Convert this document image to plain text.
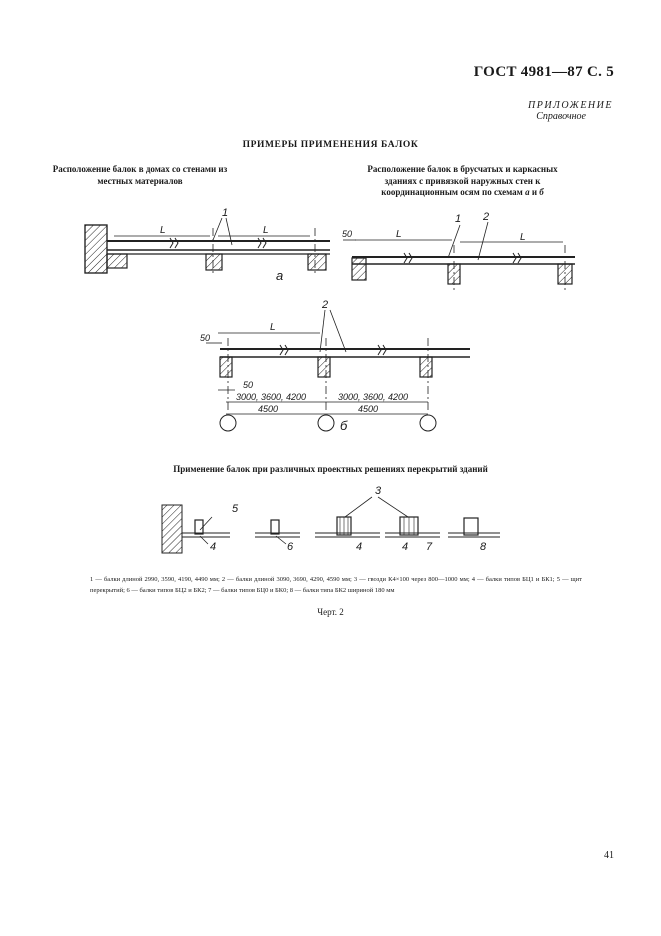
ГОСТ 4981—87 С. 5
ПРИЛОЖЕНИЕ
Справочное
ПРИМЕРЫ ПРИМЕНЕНИЯ БАЛОК
Расположение балок в домах со стенами из местных материалов
Расположение балок в брусчатых и каркасных
зданиях с привязкой наружных стен к
координационным осям по схемам а и б
L	L
1
а
50	L	L
1 2
50
L
2
50
3000, 3600, 4200	3000, 3600, 4200
4500	4500
б
5
4	6
3
4	4 7	8
Применение балок при различных проектных решениях перекрытий зданий
1 — балки длиной 2990, 3590, 4190, 4490 мм; 2 — балки длиной 3090, 3690, 4290, 4590 мм; 3 — гвозди К4×100 через 800—1000 мм; 4 — балки типов БЦ1 и БК1; 5 — щит перекрытий; 6 — балки типов БЦ2 и БК2; 7 — балки типов БЦ0 и БК0; 8 — балки типа БК2 шириной 180 мм
Черт. 2
41
